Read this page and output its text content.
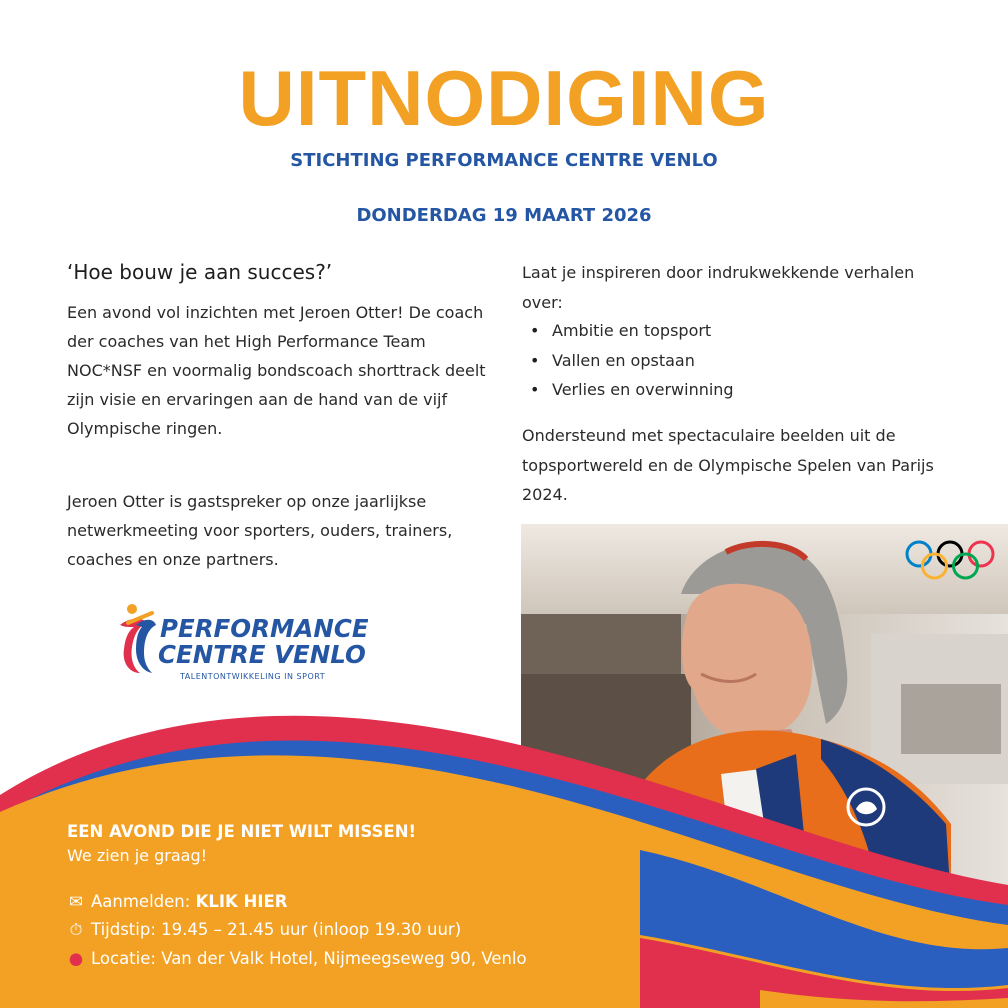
UITNODIGING
STICHTING PERFORMANCE CENTRE VENLO
DONDERDAG 19 MAART 2026
‘Hoe bouw je aan succes?’
Een avond vol inzichten met Jeroen Otter! De coach der coaches van het High Performance Team NOC*NSF en voormalig bondscoach shorttrack deelt zijn visie en ervaringen aan de hand van de vijf Olympische ringen.
Jeroen Otter is gastspreker op onze jaarlijkse netwerkmeeting voor sporters, ouders, trainers, coaches en onze partners.
Laat je inspireren door indrukwekkende verhalen over:
• Ambitie en topsport
• Vallen en opstaan
• Verlies en overwinning
Ondersteund met spectaculaire beelden uit de topsportwereld en de Olympische Spelen van Parijs 2024.
PERFORMANCE
CENTRE VENLO
TALENTONTWIKKELING IN SPORT
EEN AVOND DIE JE NIET WILT MISSEN!
We zien je graag!
✉ Aanmelden: KLIK HIER
⏱ Tijdstip: 19.45 – 21.45 uur (inloop 19.30 uur)
● Locatie: Van der Valk Hotel, Nijmeegseweg 90, Venlo
